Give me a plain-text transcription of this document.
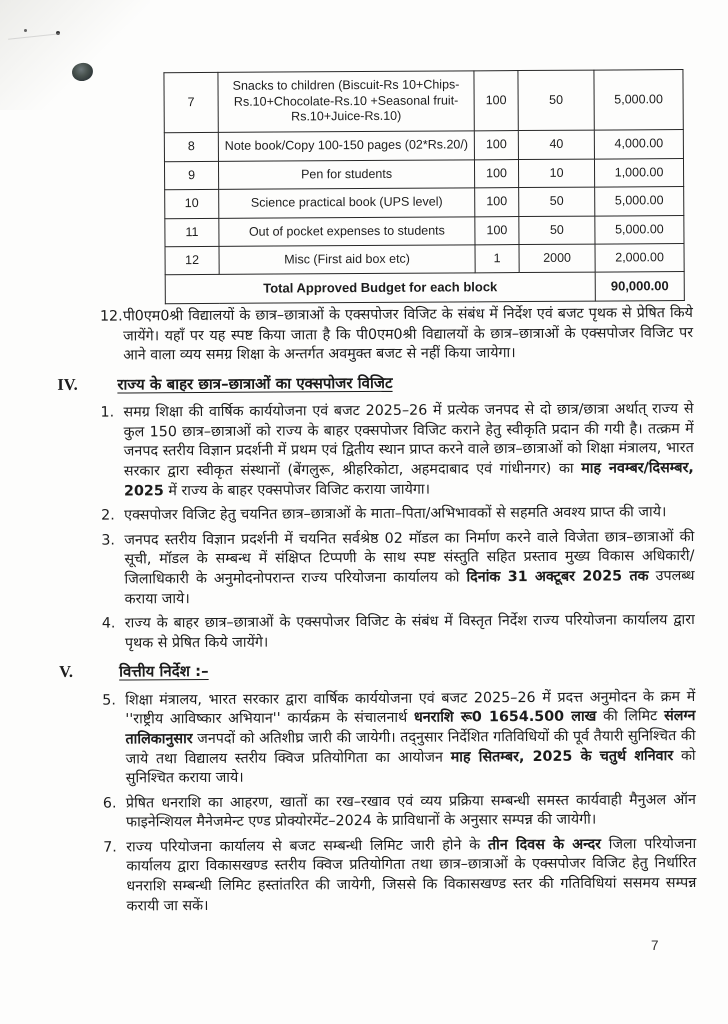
7	Snacks to children (Biscuit-Rs 10+Chips-Rs.10+Chocolate-Rs.10 +Seasonal fruit-Rs.10+Juice-Rs.10)	100	50	5,000.00
8	Note book/Copy 100-150 pages (02*Rs.20/)	100	40	4,000.00
9	Pen for students	100	10	1,000.00
10	Science practical book (UPS level)	100	50	5,000.00
11	Out of pocket expenses to students	100	50	5,000.00
12	Misc (First aid box etc)	1	2000	2,000.00
Total Approved Budget for each block				90,000.00
12. पी0एम0श्री विद्यालयों के छात्र–छात्राओं के एक्सपोजर विजिट के संबंध में निर्देश एवं बजट पृथक से प्रेषित किये जायेंगे। यहाँ पर यह स्पष्ट किया जाता है कि पी0एम0श्री विद्यालयों के छात्र–छात्राओं के एक्सपोजर विजिट पर आने वाला व्यय समग्र शिक्षा के अन्तर्गत अवमुक्त बजट से नहीं किया जायेगा।
IV.	राज्य के बाहर छात्र–छात्राओं का एक्सपोजर विजिट
1. समग्र शिक्षा की वार्षिक कार्ययोजना एवं बजट 2025–26 में प्रत्येक जनपद से दो छात्र/छात्रा अर्थात् राज्य से कुल 150 छात्र–छात्राओं को राज्य के बाहर एक्सपोजर विजिट कराने हेतु स्वीकृति प्रदान की गयी है। तत्क्रम में जनपद स्तरीय विज्ञान प्रदर्शनी में प्रथम एवं द्वितीय स्थान प्राप्त करने वाले छात्र–छात्राओं को शिक्षा मंत्रालय, भारत सरकार द्वारा स्वीकृत संस्थानों (बेंगलुरू, श्रीहरिकोटा, अहमदाबाद एवं गांधीनगर) का माह नवम्बर/दिसम्बर, 2025 में राज्य के बाहर एक्सपोजर विजिट कराया जायेगा।
2. एक्सपोजर विजिट हेतु चयनित छात्र–छात्राओं के माता–पिता/अभिभावकों से सहमति अवश्य प्राप्त की जाये।
3. जनपद स्तरीय विज्ञान प्रदर्शनी में चयनित सर्वश्रेष्ठ 02 मॉडल का निर्माण करने वाले विजेता छात्र–छात्राओं की सूची, मॉडल के सम्बन्ध में संक्षिप्त टिप्पणी के साथ स्पष्ट संस्तुति सहित प्रस्ताव मुख्य विकास अधिकारी/जिलाधिकारी के अनुमोदनोपरान्त राज्य परियोजना कार्यालय को दिनांक 31 अक्टूबर 2025 तक उपलब्ध कराया जाये।
4. राज्य के बाहर छात्र–छात्राओं के एक्सपोजर विजिट के संबंध में विस्तृत निर्देश राज्य परियोजना कार्यालय द्वारा पृथक से प्रेषित किये जायेंगे।
V.	वित्तीय निर्देश :–
5. शिक्षा मंत्रालय, भारत सरकार द्वारा वार्षिक कार्ययोजना एवं बजट 2025–26 में प्रदत्त अनुमोदन के क्रम में ''राष्ट्रीय आविष्कार अभियान'' कार्यक्रम के संचालनार्थ धनराशि रू0 1654.500 लाख की लिमिट संलग्न तालिकानुसार जनपदों को अतिशीघ्र जारी की जायेगी। तद्नुसार निर्देशित गतिविधियों की पूर्व तैयारी सुनिश्चित की जाये तथा विद्यालय स्तरीय क्विज प्रतियोगिता का आयोजन माह सितम्बर, 2025 के चतुर्थ शनिवार को सुनिश्चित कराया जाये।
6. प्रेषित धनराशि का आहरण, खातों का रख–रखाव एवं व्यय प्रक्रिया सम्बन्धी समस्त कार्यवाही मैनुअल ऑन फाइनेन्शियल मैनेजमेन्ट एण्ड प्रोक्योरमेंट–2024 के प्राविधानों के अनुसार सम्पन्न की जायेगी।
7. राज्य परियोजना कार्यालय से बजट सम्बन्धी लिमिट जारी होने के तीन दिवस के अन्दर जिला परियोजना कार्यालय द्वारा विकासखण्ड स्तरीय क्विज प्रतियोगिता तथा छात्र–छात्राओं के एक्सपोजर विजिट हेतु निर्धारित धनराशि सम्बन्धी लिमिट हस्तांतरित की जायेगी, जिससे कि विकासखण्ड स्तर की गतिविधियां ससमय सम्पन्न करायी जा सकें।
7
